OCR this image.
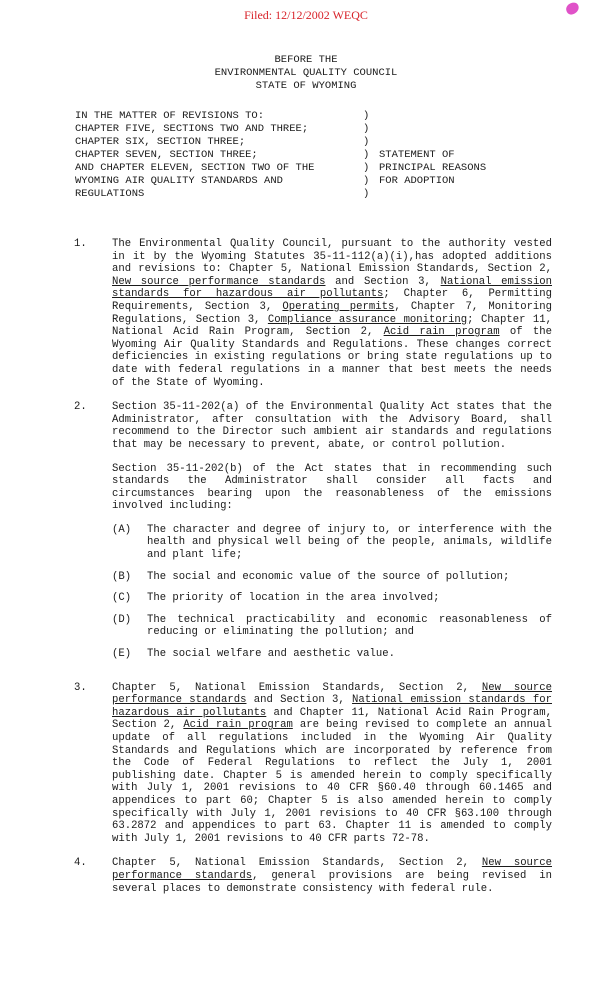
Filed: 12/12/2002 WEQC
BEFORE THE
ENVIRONMENTAL QUALITY COUNCIL
STATE OF WYOMING
IN THE MATTER OF REVISIONS TO:	)
CHAPTER FIVE, SECTIONS TWO AND THREE;	)
CHAPTER SIX, SECTION THREE;	)
CHAPTER SEVEN, SECTION THREE;	) STATEMENT OF
AND CHAPTER ELEVEN, SECTION TWO OF THE	) PRINCIPAL REASONS
WYOMING AIR QUALITY STANDARDS AND	) FOR ADOPTION
REGULATIONS	)
1.	The Environmental Quality Council, pursuant to the authority vested in it by the Wyoming Statutes 35-11-112(a)(i),has adopted additions and revisions to: Chapter 5, National Emission Standards, Section 2, New source performance standards and Section 3, National emission standards for hazardous air pollutants; Chapter 6, Permitting Requirements, Section 3, Operating permits, Chapter 7, Monitoring Regulations, Section 3, Compliance assurance monitoring; Chapter 11, National Acid Rain Program, Section 2, Acid rain program of the Wyoming Air Quality Standards and Regulations. These changes correct deficiencies in existing regulations or bring state regulations up to date with federal regulations in a manner that best meets the needs of the State of Wyoming.
2.	Section 35-11-202(a) of the Environmental Quality Act states that the Administrator, after consultation with the Advisory Board, shall recommend to the Director such ambient air standards and regulations that may be necessary to prevent, abate, or control pollution.

Section 35-11-202(b) of the Act states that in recommending such standards the Administrator shall consider all facts and circumstances bearing upon the reasonableness of the emissions involved including:

(A)	The character and degree of injury to, or interference with the health and physical well being of the people, animals, wildlife and plant life;
(B)	The social and economic value of the source of pollution;
(C)	The priority of location in the area involved;
(D)	The technical practicability and economic reasonableness of reducing or eliminating the pollution; and
(E)	The social welfare and aesthetic value.
3.	Chapter 5, National Emission Standards, Section 2, New source performance standards and Section 3, National emission standards for hazardous air pollutants and Chapter 11, National Acid Rain Program, Section 2, Acid rain program are being revised to complete an annual update of all regulations included in the Wyoming Air Quality Standards and Regulations which are incorporated by reference from the Code of Federal Regulations to reflect the July 1, 2001 publishing date. Chapter 5 is amended herein to comply specifically with July 1, 2001 revisions to 40 CFR §60.40 through 60.1465 and appendices to part 60; Chapter 5 is also amended herein to comply specifically with July 1, 2001 revisions to 40 CFR §63.100 through 63.2872 and appendices to part 63. Chapter 11 is amended to comply with July 1, 2001 revisions to 40 CFR parts 72-78.
4.	Chapter 5, National Emission Standards, Section 2, New source performance standards, general provisions are being revised in several places to demonstrate consistency with federal rule.
